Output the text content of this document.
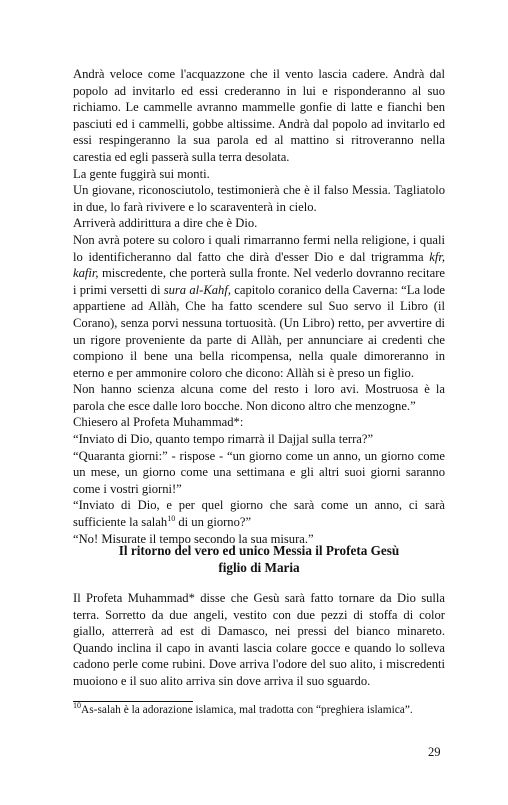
Andrà veloce come l'acquazzone che il vento lascia cadere. Andrà dal popolo ad invitarlo ed essi crederanno in lui e risponderanno al suo richiamo. Le cammelle avranno mammelle gonfie di latte e fianchi ben pasciuti ed i cammelli, gobbe altissime. Andrà dal popolo ad invitarlo ed essi respingeranno la sua parola ed al mattino si ritroveranno nella carestia ed egli passerà sulla terra desolata.

La gente fuggirà sui monti.

Un giovane, riconosciutolo, testimonierà che è il falso Messia. Tagliatolo in due, lo farà rivivere e lo scaraventerà in cielo.

Arriverà addirittura a dire che è Dio.

Non avrà potere su coloro i quali rimarranno fermi nella religione, i quali lo identificheranno dal fatto che dirà d'esser Dio e dal trigramma kfr, kafir, miscredente, che porterà sulla fronte. Nel vederlo dovranno recitare i primi versetti di sura al-Kahf, capitolo coranico della Caverna: “La lode appartiene ad Allàh, Che ha fatto scendere sul Suo servo il Libro (il Corano), senza porvi nessuna tortuosità. (Un Libro) retto, per avvertire di un rigore proveniente da parte di Allàh, per annunciare ai credenti che compiono il bene una bella ricompensa, nella quale dimoreranno in eterno e per ammonire coloro che dicono: Allàh si è preso un figlio.

Non hanno scienza alcuna come del resto i loro avi. Mostruosa è la parola che esce dalle loro bocche. Non dicono altro che menzogne.”

Chiesero al Profeta Muhammad*:

“Inviato di Dio, quanto tempo rimarrà il Dajjal sulla terra?”

“Quaranta giorni:” - rispose - “un giorno come un anno, un giorno come un mese, un giorno come una settimana e gli altri suoi giorni saranno come i vostri giorni!”

“Inviato di Dio, e per quel giorno che sarà come un anno, ci sarà sufficiente la salah$^{10}$ di un giorno?”

“No! Misurate il tempo secondo la sua misura.”

Il ritorno del vero ed unico Messia il Profeta Gesù
figlio di Maria

Il Profeta Muhammad* disse che Gesù sarà fatto tornare da Dio sulla terra. Sorretto da due angeli, vestito con due pezzi di stoffa di color giallo, atterrerà ad est di Damasco, nei pressi del bianco minareto. Quando inclina il capo in avanti lascia colare gocce e quando lo solleva cadono perle come rubini. Dove arriva l'odore del suo alito, i miscredenti muoiono e il suo alito arriva sin dove arriva il suo sguardo.

$^{10}$As-salah è la adorazione islamica, mal tradotta con “preghiera islamica”.
29
